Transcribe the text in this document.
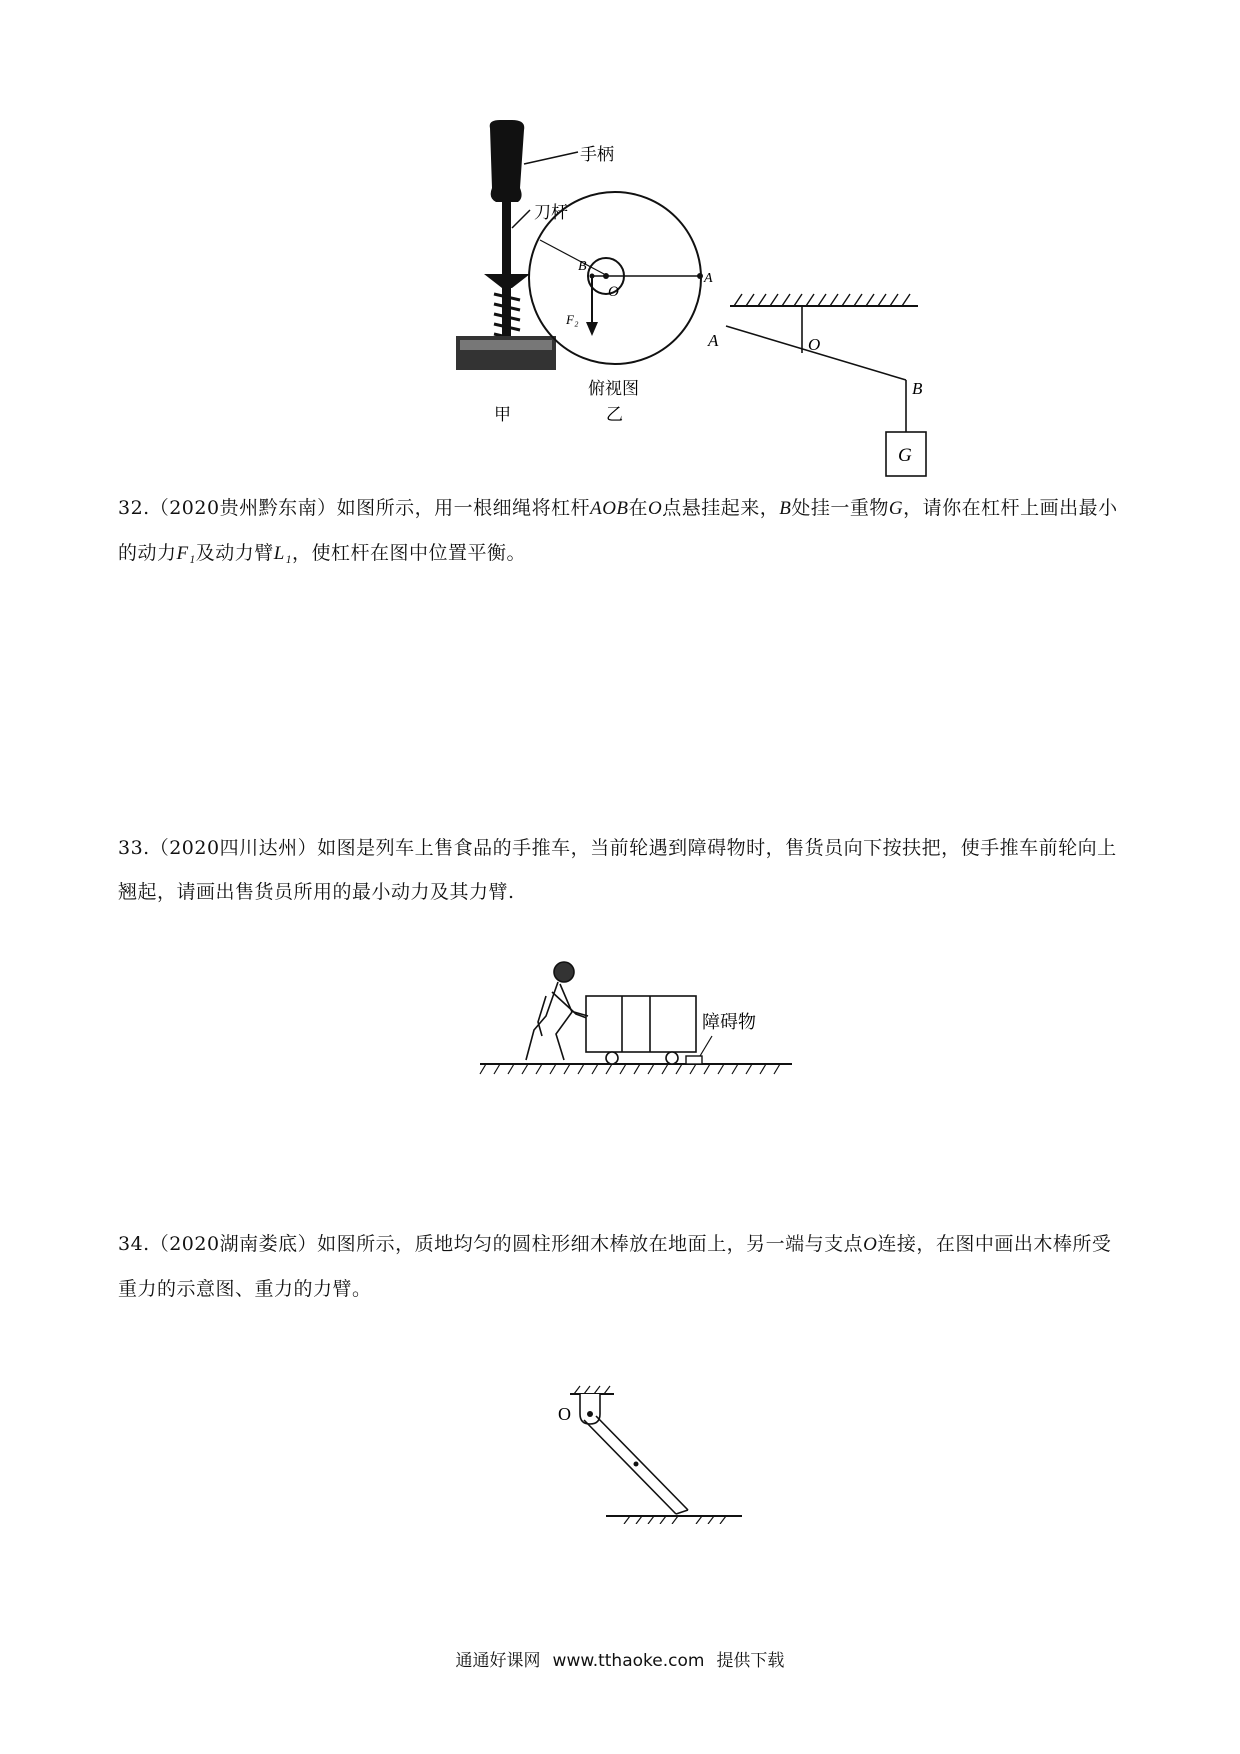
手柄
刀杆
甲
B
O
A
F₂
俯视图
乙
A	O
B
G
32.（2020贵州黔东南）如图所示，用一根细绳将杠杆AOB在O点悬挂起来，B处挂一重物G，请你在杠杆上画出最小的动力F₁及动力臂L₁，使杠杆在图中位置平衡。
33.（2020四川达州）如图是列车上售食品的手推车，当前轮遇到障碍物时，售货员向下按扶把，使手推车前轮向上翘起，请画出售货员所用的最小动力及其力臂.
障碍物
34.（2020湖南娄底）如图所示，质地均匀的圆柱形细木棒放在地面上，另一端与支点O连接，在图中画出木棒所受重力的示意图、重力的力臂。
O
通通好课网 www.tthaoke.com 提供下载
